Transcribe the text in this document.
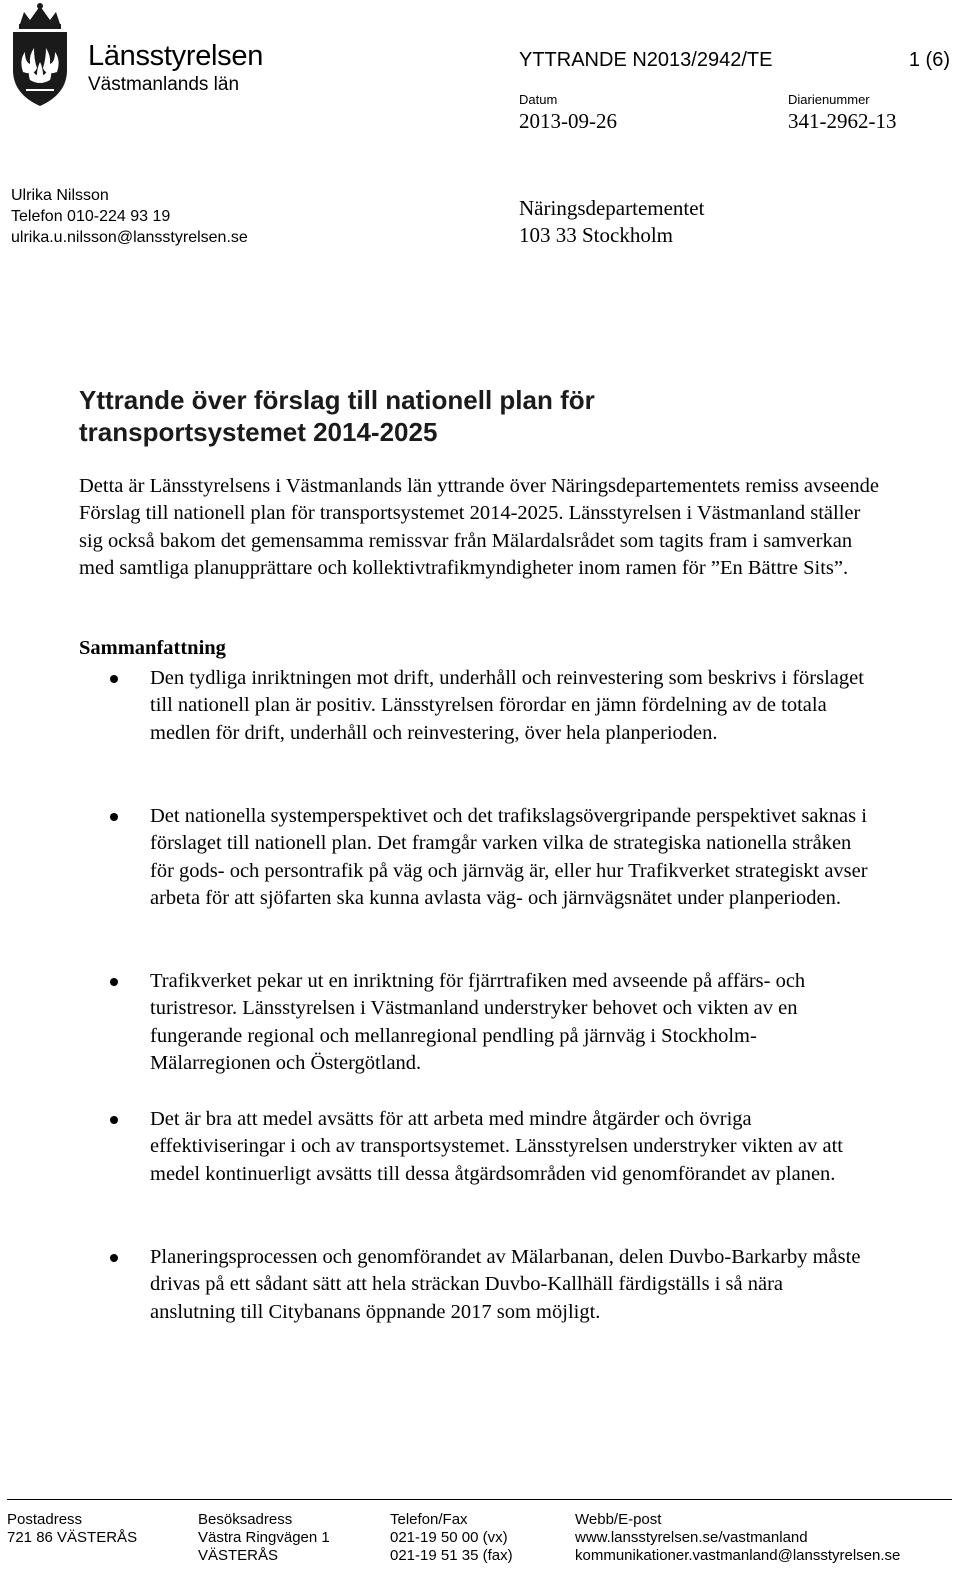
Länsstyrelsen
Västmanlands län
YTTRANDE N2013/2942/TE	1 (6)
Datum
2013-09-26
Diarienummer
341-2962-13
Ulrika Nilsson
Telefon 010-224 93 19
ulrika.u.nilsson@lansstyrelsen.se
Näringsdepartementet
103 33 Stockholm
Yttrande över förslag till nationell plan för
transportsystemet 2014-2025
Detta är Länsstyrelsens i Västmanlands län yttrande över Näringsdepartementets remiss avseende Förslag till nationell plan för transportsystemet 2014-2025. Länsstyrelsen i Västmanland ställer sig också bakom det gemensamma remissvar från Mälardalsrådet som tagits fram i samverkan med samtliga planupprättare och kollektivtrafikmyndigheter inom ramen för ”En Bättre Sits”.
Sammanfattning
Den tydliga inriktningen mot drift, underhåll och reinvestering som beskrivs i förslaget till nationell plan är positiv. Länsstyrelsen förordar en jämn fördelning av de totala medlen för drift, underhåll och reinvestering, över hela planperioden.
Det nationella systemperspektivet och det trafikslagsövergripande perspektivet saknas i förslaget till nationell plan. Det framgår varken vilka de strategiska nationella stråken för gods- och persontrafik på väg och järnväg är, eller hur Trafikverket strategiskt avser arbeta för att sjöfarten ska kunna avlasta väg- och järnvägsnätet under planperioden.
Trafikverket pekar ut en inriktning för fjärrtrafiken med avseende på affärs- och turistresor. Länsstyrelsen i Västmanland understryker behovet och vikten av en fungerande regional och mellanregional pendling på järnväg i Stockholm-Mälarregionen och Östergötland.
Det är bra att medel avsätts för att arbeta med mindre åtgärder och övriga effektiviseringar i och av transportsystemet. Länsstyrelsen understryker vikten av att medel kontinuerligt avsätts till dessa åtgärdsområden vid genomförandet av planen.
Planeringsprocessen och genomförandet av Mälarbanan, delen Duvbo-Barkarby måste drivas på ett sådant sätt att hela sträckan Duvbo-Kallhäll färdigställs i så nära anslutning till Citybanans öppnande 2017 som möjligt.
Postadress
721 86 VÄSTERÅS
Besöksadress
Västra Ringvägen 1
VÄSTERÅS
Telefon/Fax
021-19 50 00 (vx)
021-19 51 35 (fax)
Webb/E-post
www.lansstyrelsen.se/vastmanland
kommunikationer.vastmanland@lansstyrelsen.se
